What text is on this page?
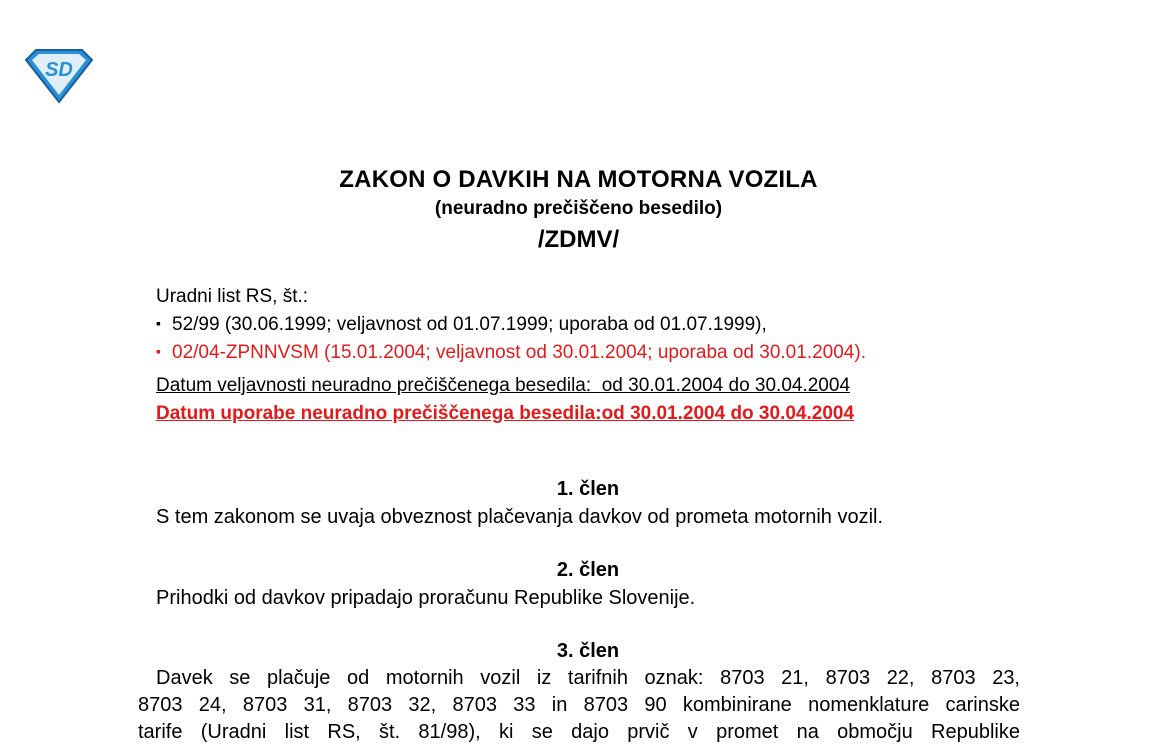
SD
ZAKON O DAVKIH NA MOTORNA VOZILA
(neuradno prečiščeno besedilo)
/ZDMV/
Uradni list RS, št.:
▪ 52/99 (30.06.1999; veljavnost od 01.07.1999; uporaba od 01.07.1999),
▪ 02/04-ZPNNVSM (15.01.2004; veljavnost od 30.01.2004; uporaba od 30.01.2004).
Datum veljavnosti neuradno prečiščenega besedila: od 30.01.2004 do 30.04.2004
Datum uporabe neuradno prečiščenega besedila:od 30.01.2004 do 30.04.2004
1. člen
S tem zakonom se uvaja obveznost plačevanja davkov od prometa motornih vozil.
2. člen
Prihodki od davkov pripadajo proračunu Republike Slovenije.
3. člen
Davek se plačuje od motornih vozil iz tarifnih oznak: 8703 21, 8703 22, 8703 23,
8703 24, 8703 31, 8703 32, 8703 33 in 8703 90 kombinirane nomenklature carinske
tarife (Uradni list RS, št. 81/98), ki se dajo prvič v promet na območju Republike
